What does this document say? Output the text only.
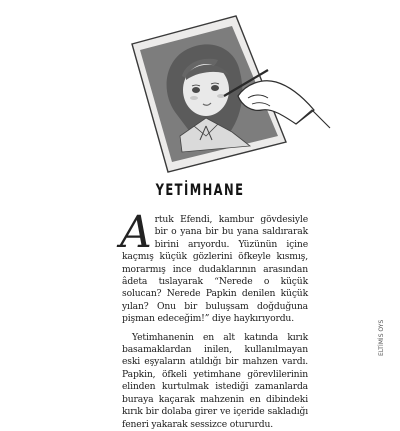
YETİMHANE

Artuk Efendi, kambur gövdesiyle bir o yana bir bu yana saldırarak birini arıyordu. Yüzünün içine kaçmış küçük gözlerini öfkeyle kısmış, morarmış ince dudaklarının arasından âdeta tıslayarak “Nerede o küçük solucan? Nerede Papkin denilen küçük yılan? Onu bir buluşsam doğduğuna pişman edeceğim!” diye haykırıyordu.

Yetimhanenin en alt katında kırık basamaklardan inilen, kullanılmayan eski eşyaların atıldığı bir mahzen vardı. Papkin, öfkeli yetimhane görevlilerinin elinden kurtulmak istediği zamanlarda buraya kaçarak mahzenin en dibindeki kırık bir dolaba girer ve içeride sakladığı feneri yakarak sessizce otururdu.

ELTİMİS OYS
